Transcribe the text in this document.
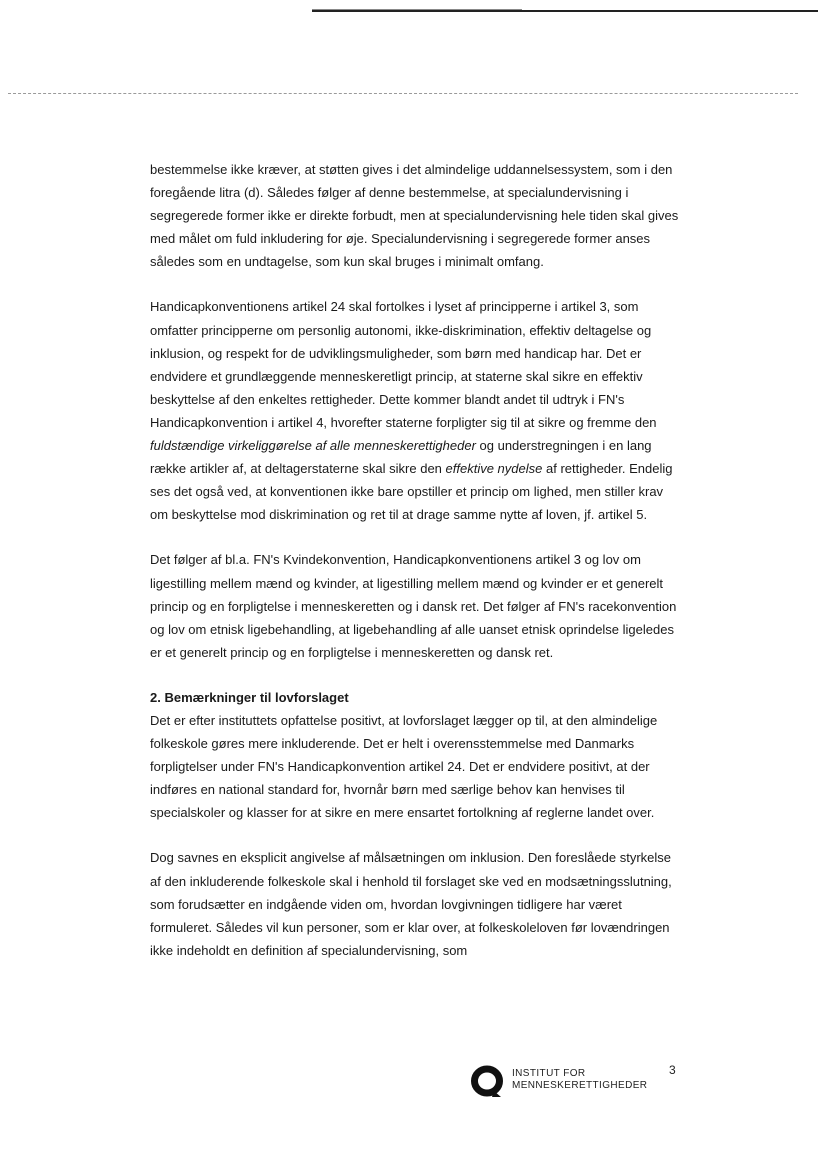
bestemmelse ikke kræver, at støtten gives i det almindelige uddannelsessystem, som i den foregående litra (d). Således følger af denne bestemmelse, at specialundervisning i segregerede former ikke er direkte forbudt, men at specialundervisning hele tiden skal gives med målet om fuld inkludering for øje. Specialundervisning i segregerede former anses således som en undtagelse, som kun skal bruges i minimalt omfang.

Handicapkonventionens artikel 24 skal fortolkes i lyset af principperne i artikel 3, som omfatter principperne om personlig autonomi, ikke-diskrimination, effektiv deltagelse og inklusion, og respekt for de udviklingsmuligheder, som børn med handicap har. Det er endvidere et grundlæggende menneskeretligt princip, at staterne skal sikre en effektiv beskyttelse af den enkeltes rettigheder. Dette kommer blandt andet til udtryk i FN's Handicapkonvention i artikel 4, hvorefter staterne forpligter sig til at sikre og fremme den fuldstændige virkeliggørelse af alle menneskerettigheder og understregningen i en lang række artikler af, at deltagerstaterne skal sikre den effektive nydelse af rettigheder. Endelig ses det også ved, at konventionen ikke bare opstiller et princip om lighed, men stiller krav om beskyttelse mod diskrimination og ret til at drage samme nytte af loven, jf. artikel 5.

Det følger af bl.a. FN's Kvindekonvention, Handicapkonventionens artikel 3 og lov om ligestilling mellem mænd og kvinder, at ligestilling mellem mænd og kvinder er et generelt princip og en forpligtelse i menneskeretten og i dansk ret. Det følger af FN's racekonvention og lov om etnisk ligebehandling, at ligebehandling af alle uanset etnisk oprindelse ligeledes er et generelt princip og en forpligtelse i menneskeretten og dansk ret.

2. Bemærkninger til lovforslaget

Det er efter instituttets opfattelse positivt, at lovforslaget lægger op til, at den almindelige folkeskole gøres mere inkluderende. Det er helt i overensstemmelse med Danmarks forpligtelser under FN's Handicapkonvention artikel 24. Det er endvidere positivt, at der indføres en national standard for, hvornår børn med særlige behov kan henvises til specialskoler og klasser for at sikre en mere ensartet fortolkning af reglerne landet over.

Dog savnes en eksplicit angivelse af målsætningen om inklusion. Den foreslåede styrkelse af den inkluderende folkeskole skal i henhold til forslaget ske ved en modsætningsslutning, som forudsætter en indgående viden om, hvordan lovgivningen tidligere har været formuleret. Således vil kun personer, som er klar over, at folkeskoleloven før lovændringen ikke indeholdt en definition af specialundervisning, som

INSTITUT FOR
MENNESKERETTIGHEDER
3
